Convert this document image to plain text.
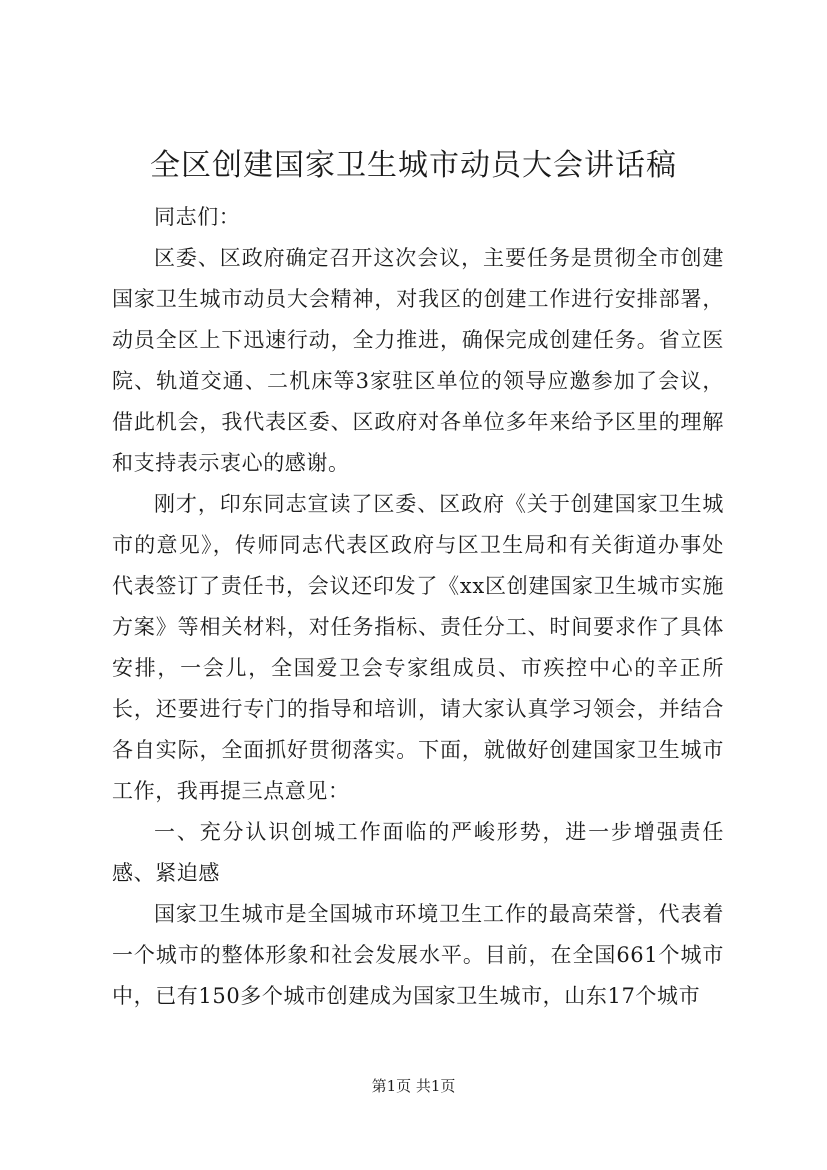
全区创建国家卫生城市动员大会讲话稿

同志们：

区委、区政府确定召开这次会议，主要任务是贯彻全市创建国家卫生城市动员大会精神，对我区的创建工作进行安排部署，动员全区上下迅速行动，全力推进，确保完成创建任务。省立医院、轨道交通、二机床等3家驻区单位的领导应邀参加了会议，借此机会，我代表区委、区政府对各单位多年来给予区里的理解和支持表示衷心的感谢。

刚才，印东同志宣读了区委、区政府《关于创建国家卫生城市的意见》，传师同志代表区政府与区卫生局和有关街道办事处代表签订了责任书，会议还印发了《xx区创建国家卫生城市实施方案》等相关材料，对任务指标、责任分工、时间要求作了具体安排，一会儿，全国爱卫会专家组成员、市疾控中心的辛正所长，还要进行专门的指导和培训，请大家认真学习领会，并结合各自实际，全面抓好贯彻落实。下面，就做好创建国家卫生城市工作，我再提三点意见：

一、充分认识创城工作面临的严峻形势，进一步增强责任感、紧迫感

国家卫生城市是全国城市环境卫生工作的最高荣誉，代表着一个城市的整体形象和社会发展水平。目前，在全国661个城市中，已有150多个城市创建成为国家卫生城市，山东17个城市

第1页 共1页
